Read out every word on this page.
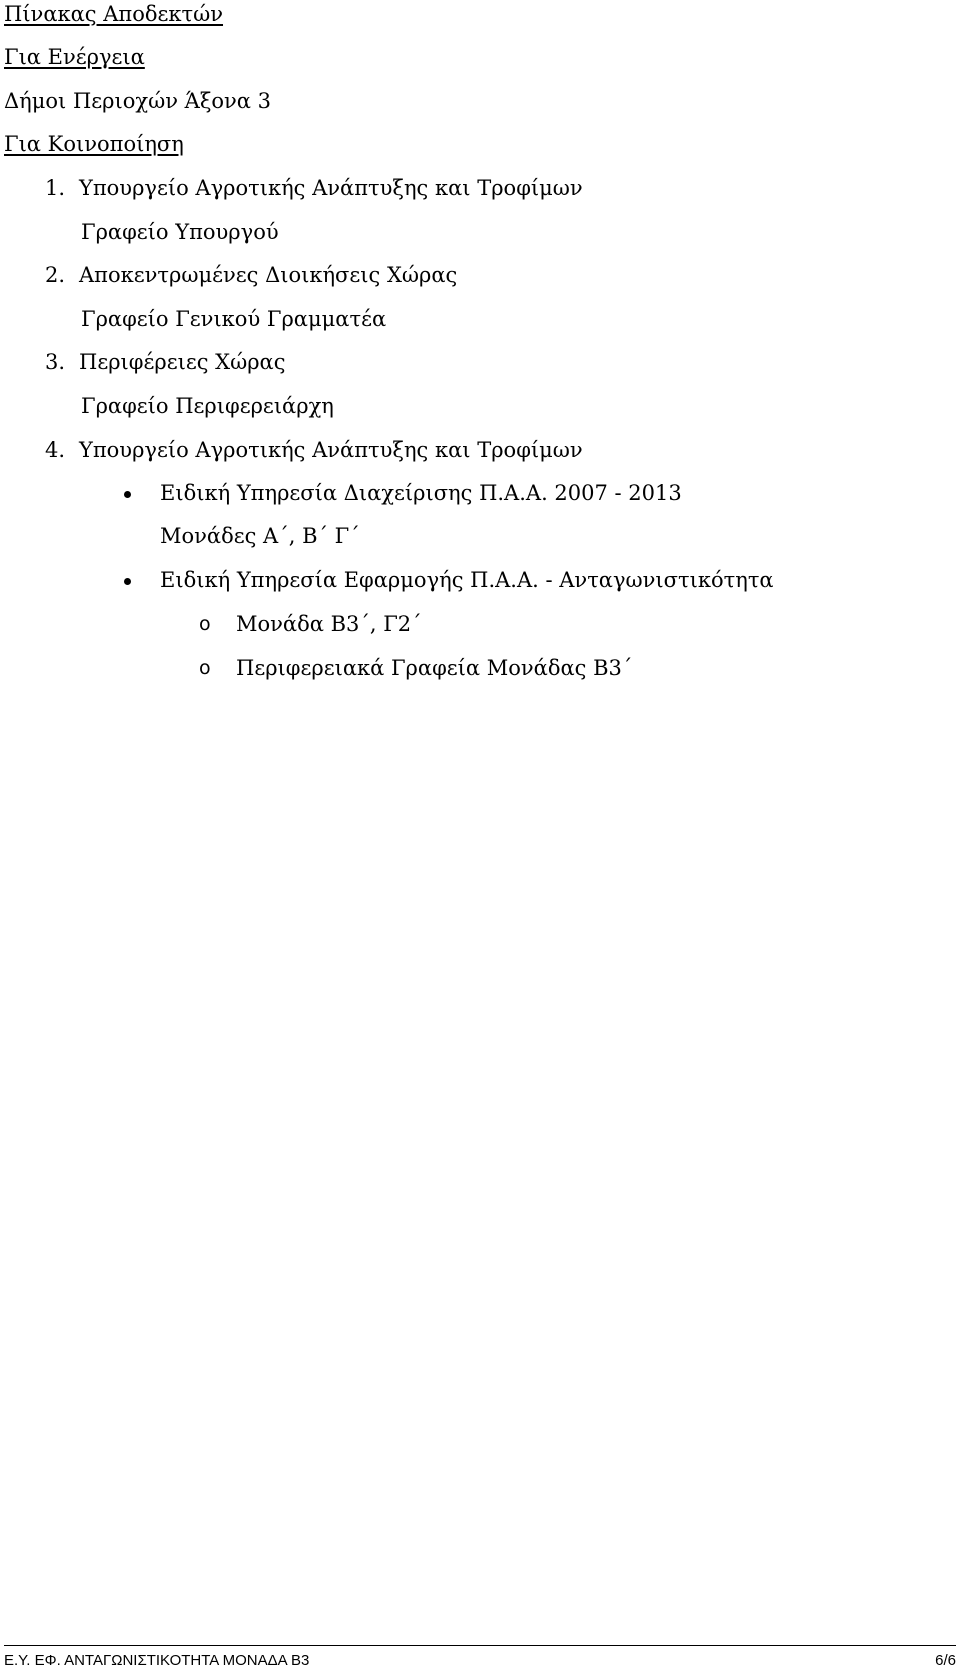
Πίνακας Αποδεκτών
Για Ενέργεια
Δήμοι Περιοχών Άξονα 3
Για Κοινοποίηση
1. Υπουργείο Αγροτικής Ανάπτυξης και Τροφίμων
Γραφείο Υπουργού
2. Αποκεντρωμένες Διοικήσεις Χώρας
Γραφείο Γενικού Γραμματέα
3. Περιφέρειες Χώρας
Γραφείο Περιφερειάρχη
4. Υπουργείο Αγροτικής Ανάπτυξης και Τροφίμων
Ειδική Υπηρεσία Διαχείρισης Π.Α.Α. 2007 - 2013
Μονάδες Α΄, Β΄ Γ΄
Ειδική Υπηρεσία Εφαρμογής Π.Α.Α. - Ανταγωνιστικότητα
o Μονάδα Β3΄, Γ2΄
o Περιφερειακά Γραφεία Μονάδας Β3΄
Ε.Υ. ΕΦ. ΑΝΤΑΓΩΝΙΣΤΙΚΟΤΗΤΑ ΜΟΝΑΔΑ Β3	6/6
